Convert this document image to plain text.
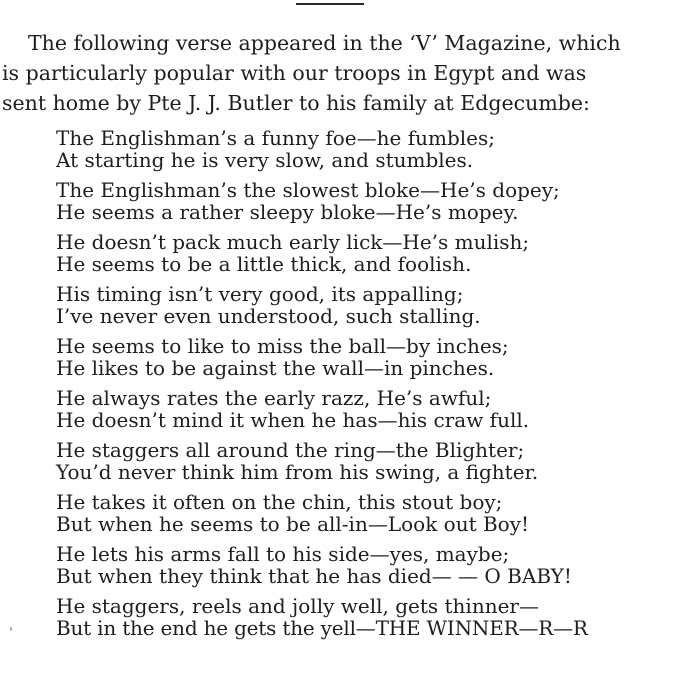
The following verse appeared in the ‘V’ Magazine, which
is particularly popular with our troops in Egypt and was
sent home by Pte J. J. Butler to his family at Edgecumbe:
The Englishman’s a funny foe—he fumbles;
At starting he is very slow, and stumbles.
The Englishman’s the slowest bloke—He’s dopey;
He seems a rather sleepy bloke—He’s mopey.
He doesn’t pack much early lick—He’s mulish;
He seems to be a little thick, and foolish.
His timing isn’t very good, its appalling;
I’ve never even understood, such stalling.
He seems to like to miss the ball—by inches;
He likes to be against the wall—in pinches.
He always rates the early razz, He’s awful;
He doesn’t mind it when he has—his craw full.
He staggers all around the ring—the Blighter;
You’d never think him from his swing, a fighter.
He takes it often on the chin, this stout boy;
But when he seems to be all-in—Look out Boy!
He lets his arms fall to his side—yes, maybe;
But when they think that he has died— — O BABY!
He staggers, reels and jolly well, gets thinner—
But in the end he gets the yell—THE WINNER—R—R
ˌ
